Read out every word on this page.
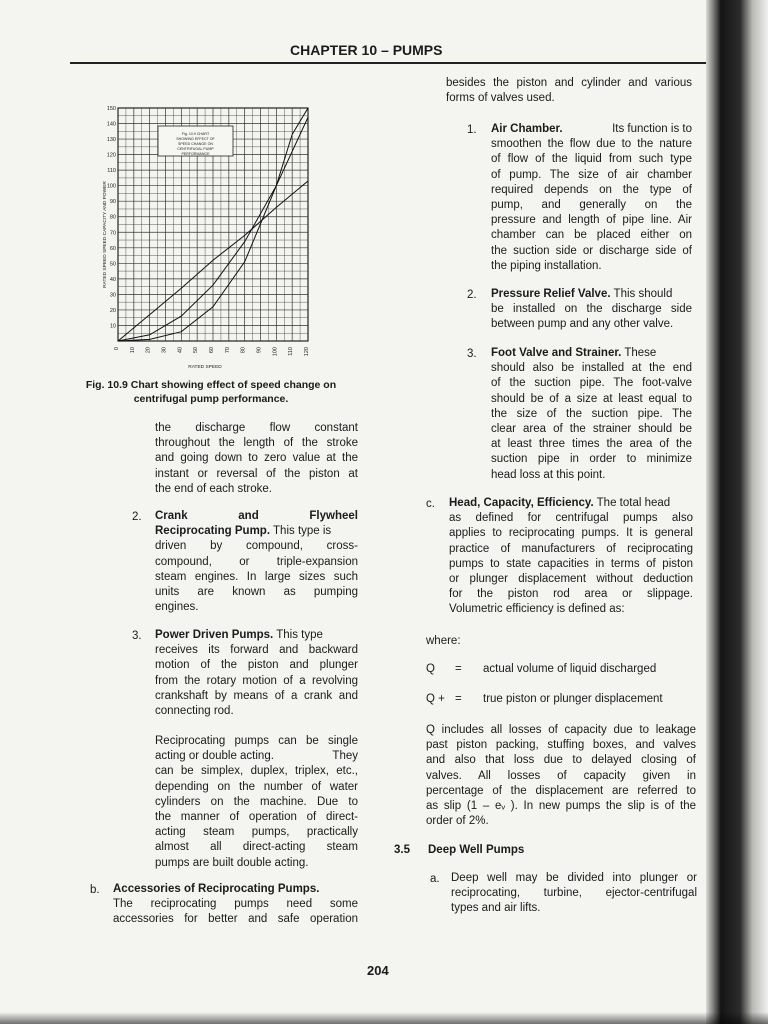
CHAPTER 10 – PUMPS
10
20
30
40
50
60
70
80
90
100
110
120
130
140
150
0 10 20 30 40 50 60 70 80 90 100 110 120
RATED SPEED
RATED SPEED SPEED CAPACITY AND POWER
Fig. 10.9 CHART
SHOWING EFFECT OF
SPEED CHANGE ON
CENTRIFUGAL PUMP
PERFORMANCE
Fig. 10.9 Chart showing effect of speed change on
centrifugal pump performance.
the discharge flow constant
throughout the length of the stroke
and going down to zero value at the
instant or reversal of the piston at
the end of each stroke.
2. Crank	and	Flywheel
Reciprocating Pump. This type is
driven by compound, cross-
compound, or triple-expansion
steam engines. In large sizes such
units are known as pumping
engines.
3. Power Driven Pumps. This type
receives its forward and backward
motion of the piston and plunger
from the rotary motion of a revolving
crankshaft by means of a crank and
connecting rod.
Reciprocating pumps can be single
acting or double acting.	They
can be simplex, duplex, triplex, etc.,
depending on the number of water
cylinders on the machine. Due to
the manner of operation of direct-
acting steam pumps, practically
almost all direct-acting steam
pumps are built double acting.
b. Accessories of Reciprocating Pumps.
The reciprocating pumps need some
accessories for better and safe operation
besides the piston and cylinder and various
forms of valves used.
1. Air Chamber.	Its function is to
smoothen the flow due to the nature
of flow of the liquid from such type
of pump. The size of air chamber
required depends on the type of
pump, and generally on the
pressure and length of pipe line. Air
chamber can be placed either on
the suction side or discharge side of
the piping installation.
2. Pressure Relief Valve. This should
be installed on the discharge side
between pump and any other valve.
3. Foot Valve and Strainer. These
should also be installed at the end
of the suction pipe. The foot-valve
should be of a size at least equal to
the size of the suction pipe. The
clear area of the strainer should be
at least three times the area of the
suction pipe in order to minimize
head loss at this point.
c. Head, Capacity, Efficiency. The total head
as defined for centrifugal pumps also
applies to reciprocating pumps. It is general
practice of manufacturers of reciprocating
pumps to state capacities in terms of piston
or plunger displacement without deduction
for the piston rod area or slippage.
Volumetric efficiency is defined as:
where:
Q = actual volume of liquid discharged
Q + = true piston or plunger displacement
Q includes all losses of capacity due to leakage
past piston packing, stuffing boxes, and valves
and also that loss due to delayed closing of
valves. All losses of capacity given in
percentage of the displacement are referred to
as slip (1 – eᵥ ). In new pumps the slip is of the
order of 2%.
3.5 Deep Well Pumps
a. Deep well may be divided into plunger or
reciprocating, turbine, ejector-centrifugal
types and air lifts.
204
